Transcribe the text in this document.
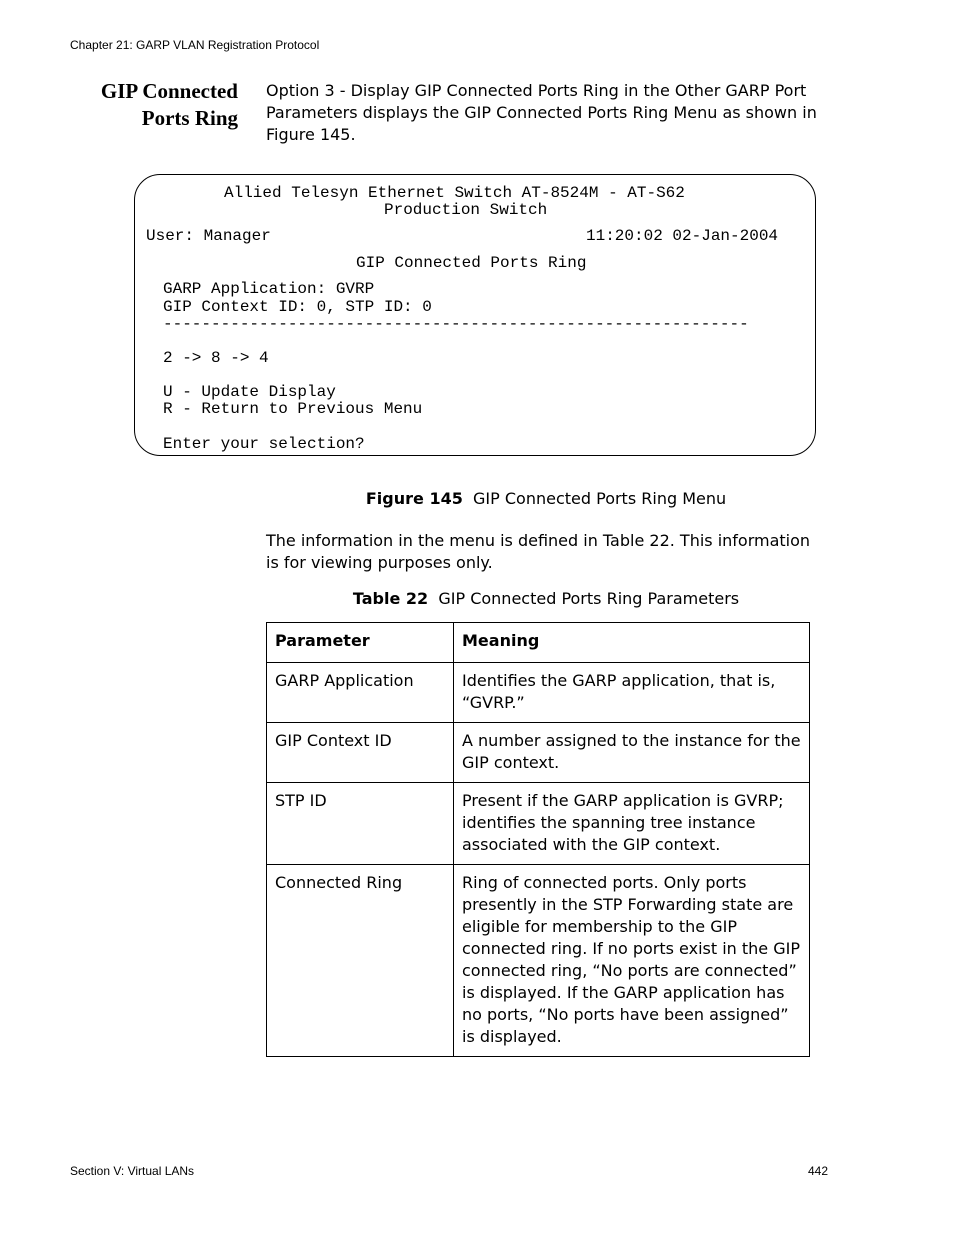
Chapter 21: GARP VLAN Registration Protocol
GIP Connected
Ports Ring
Option 3 - Display GIP Connected Ports Ring in the Other GARP Port Parameters displays the GIP Connected Ports Ring Menu as shown in Figure 145.
Allied Telesyn Ethernet Switch AT-8524M - AT-S62
Production Switch
User: Manager	11:20:02 02-Jan-2004
GIP Connected Ports Ring
GARP Application: GVRP
GIP Context ID: 0, STP ID: 0
-------------------------------------------------------------
2 -> 8 -> 4
U - Update Display
R - Return to Previous Menu
Enter your selection?
Figure 145 GIP Connected Ports Ring Menu
The information in the menu is defined in Table 22. This information is for viewing purposes only.
Table 22 GIP Connected Ports Ring Parameters
Parameter	Meaning
GARP Application	Identifies the GARP application, that is, “GVRP.”
GIP Context ID	A number assigned to the instance for the GIP context.
STP ID	Present if the GARP application is GVRP; identifies the spanning tree instance associated with the GIP context.
Connected Ring	Ring of connected ports. Only ports presently in the STP Forwarding state are eligible for membership to the GIP connected ring. If no ports exist in the GIP connected ring, “No ports are connected” is displayed. If the GARP application has no ports, “No ports have been assigned” is displayed.
Section V: Virtual LANs	442
